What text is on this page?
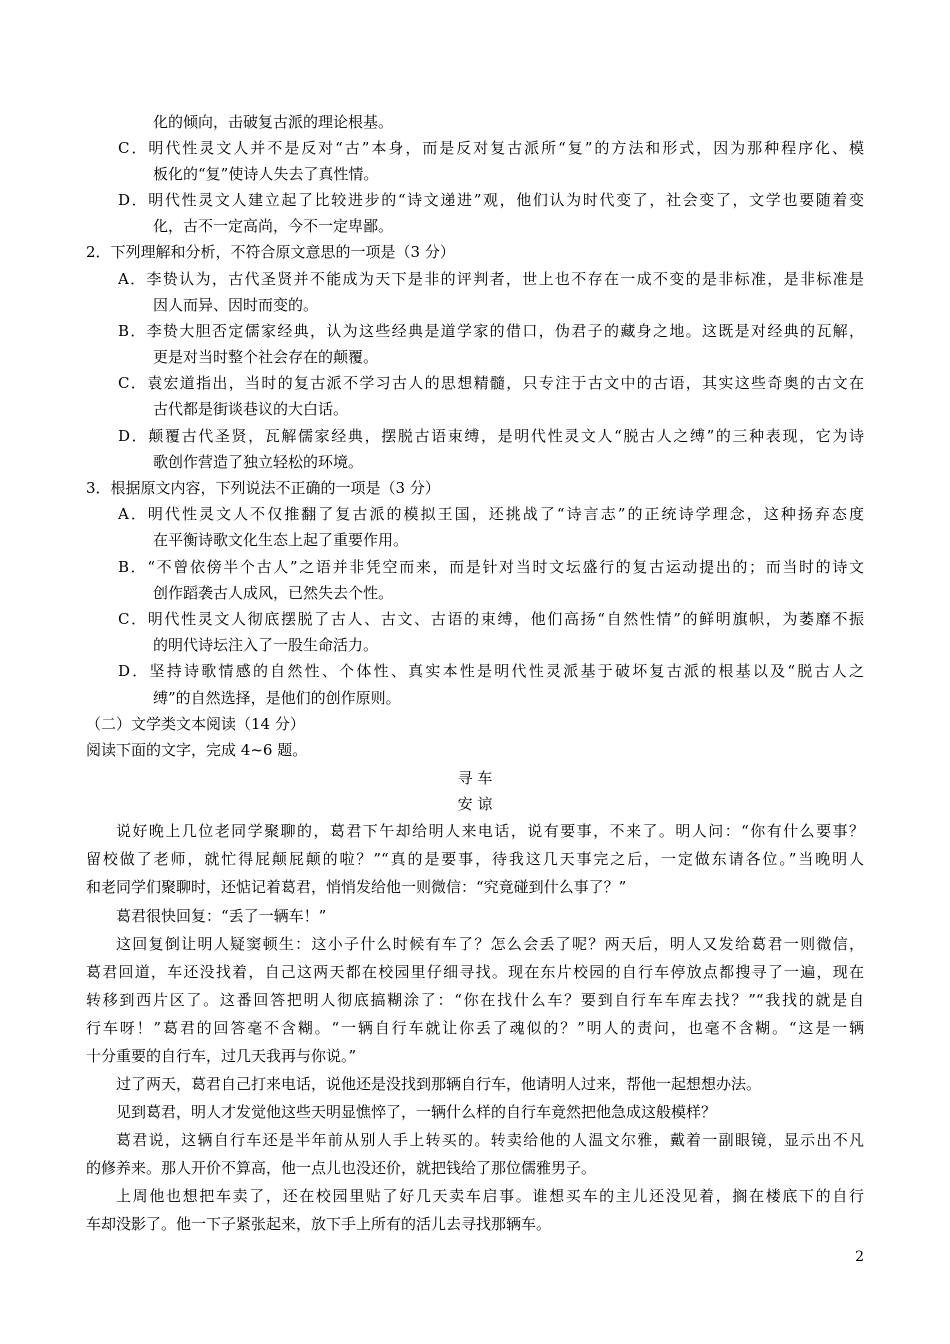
化的倾向，击破复古派的理论根基。
C．明代性灵文人并不是反对“古”本身，而是反对复古派所“复”的方法和形式，因为那种程序化、模
板化的“复”使诗人失去了真性情。
D．明代性灵文人建立起了比较进步的“诗文递进”观，他们认为时代变了，社会变了，文学也要随着变
化，古不一定高尚，今不一定卑鄙。
2．下列理解和分析，不符合原文意思的一项是（3 分）
A．李贽认为，古代圣贤并不能成为天下是非的评判者，世上也不存在一成不变的是非标准，是非标准是
因人而异、因时而变的。
B．李贽大胆否定儒家经典，认为这些经典是道学家的借口，伪君子的藏身之地。这既是对经典的瓦解，
更是对当时整个社会存在的颠覆。
C．袁宏道指出，当时的复古派不学习古人的思想精髓，只专注于古文中的古语，其实这些奇奥的古文在
古代都是街谈巷议的大白话。
D．颠覆古代圣贤，瓦解儒家经典，摆脱古语束缚，是明代性灵文人“脱古人之缚”的三种表现，它为诗
歌创作营造了独立轻松的环境。
3．根据原文内容，下列说法不正确的一项是（3 分）
A．明代性灵文人不仅推翻了复古派的模拟王国，还挑战了“诗言志”的正统诗学理念，这种扬弃态度
在平衡诗歌文化生态上起了重要作用。
B．“不曾依傍半个古人”之语并非凭空而来，而是针对当时文坛盛行的复古运动提出的；而当时的诗文
创作蹈袭古人成风，已然失去个性。
C．明代性灵文人彻底摆脱了古人、古文、古语的束缚，他们高扬“自然性情”的鲜明旗帜，为萎靡不振
的明代诗坛注入了一股生命活力。
D．坚持诗歌情感的自然性、个体性、真实本性是明代性灵派基于破坏复古派的根基以及“脱古人之
缚”的自然选择，是他们的创作原则。
（二）文学类文本阅读（14 分）
阅读下面的文字，完成 4~6 题。
寻 车
安 谅
说好晚上几位老同学聚聊的，葛君下午却给明人来电话，说有要事，不来了。明人问：“你有什么要事？
留校做了老师，就忙得屁颠屁颠的啦？”“真的是要事，待我这几天事完之后，一定做东请各位。”当晚明人
和老同学们聚聊时，还惦记着葛君，悄悄发给他一则微信：“究竟碰到什么事了？”
葛君很快回复：“丢了一辆车！”
这回复倒让明人疑窦顿生：这小子什么时候有车了？怎么会丢了呢？两天后，明人又发给葛君一则微信，
葛君回道，车还没找着，自己这两天都在校园里仔细寻找。现在东片校园的自行车停放点都搜寻了一遍，现在
转移到西片区了。这番回答把明人彻底搞糊涂了：“你在找什么车？要到自行车车库去找？”“我找的就是自
行车呀！”葛君的回答毫不含糊。“一辆自行车就让你丢了魂似的？”明人的责问，也毫不含糊。“这是一辆
十分重要的自行车，过几天我再与你说。”
过了两天，葛君自己打来电话，说他还是没找到那辆自行车，他请明人过来，帮他一起想想办法。
见到葛君，明人才发觉他这些天明显憔悴了，一辆什么样的自行车竟然把他急成这般模样？
葛君说，这辆自行车还是半年前从别人手上转买的。转卖给他的人温文尔雅，戴着一副眼镜，显示出不凡
的修养来。那人开价不算高，他一点儿也没还价，就把钱给了那位儒雅男子。
上周他也想把车卖了，还在校园里贴了好几天卖车启事。谁想买车的主儿还没见着，搁在楼底下的自行
车却没影了。他一下子紧张起来，放下手上所有的活儿去寻找那辆车。
2
